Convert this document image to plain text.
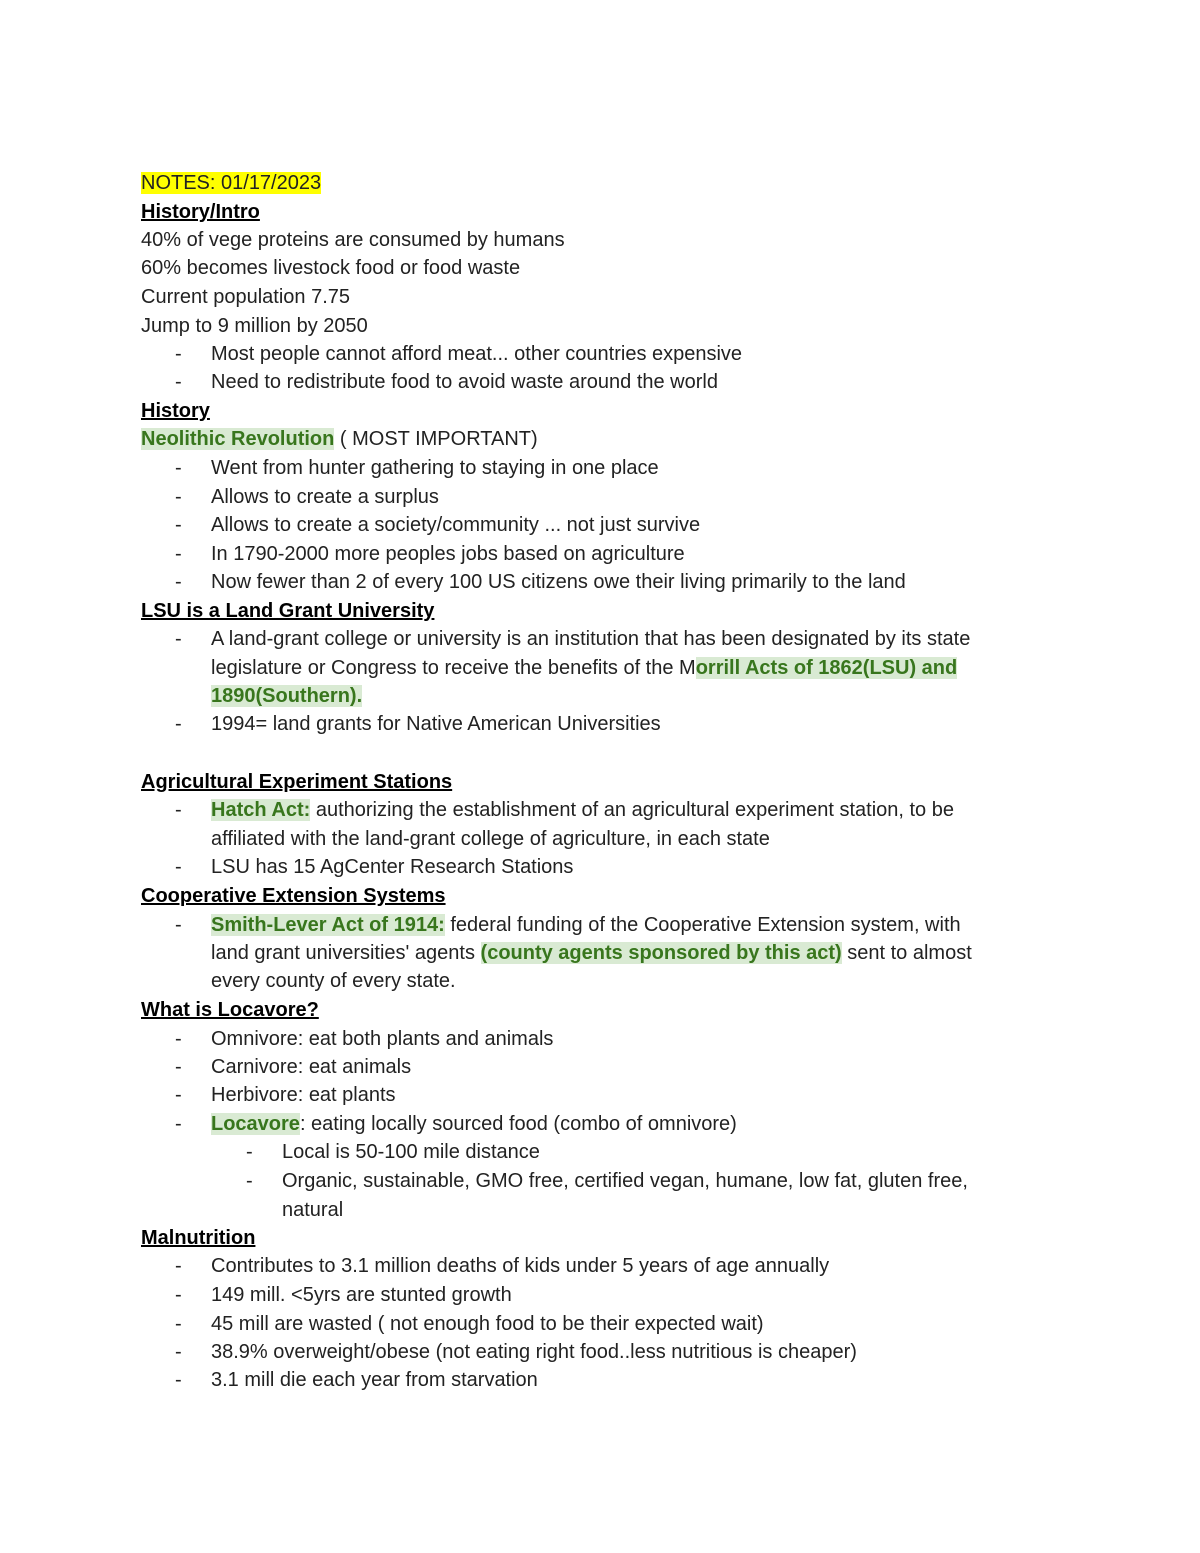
NOTES: 01/17/2023
History/Intro
40% of vege proteins are consumed by humans
60% becomes livestock food or food waste
Current population 7.75
Jump to 9 million by 2050
- Most people cannot afford meat... other countries expensive
- Need to redistribute food to avoid waste around the world
History
Neolithic Revolution ( MOST IMPORTANT)
- Went from hunter gathering to staying in one place
- Allows to create a surplus
- Allows to create a society/community ... not just survive
- In 1790-2000 more peoples jobs based on agriculture
- Now fewer than 2 of every 100 US citizens owe their living primarily to the land
LSU is a Land Grant University
- A land-grant college or university is an institution that has been designated by its state
legislature or Congress to receive the benefits of the Morrill Acts of 1862(LSU) and
1890(Southern).
- 1994= land grants for Native American Universities
Agricultural Experiment Stations
- Hatch Act: authorizing the establishment of an agricultural experiment station, to be
affiliated with the land-grant college of agriculture, in each state
- LSU has 15 AgCenter Research Stations
Cooperative Extension Systems
- Smith-Lever Act of 1914: federal funding of the Cooperative Extension system, with
land grant universities' agents (county agents sponsored by this act) sent to almost
every county of every state.
What is Locavore?
- Omnivore: eat both plants and animals
- Carnivore: eat animals
- Herbivore: eat plants
- Locavore: eating locally sourced food (combo of omnivore)
- Local is 50-100 mile distance
- Organic, sustainable, GMO free, certified vegan, humane, low fat, gluten free,
natural
Malnutrition
- Contributes to 3.1 million deaths of kids under 5 years of age annually
- 149 mill. <5yrs are stunted growth
- 45 mill are wasted ( not enough food to be their expected wait)
- 38.9% overweight/obese (not eating right food..less nutritious is cheaper)
- 3.1 mill die each year from starvation
